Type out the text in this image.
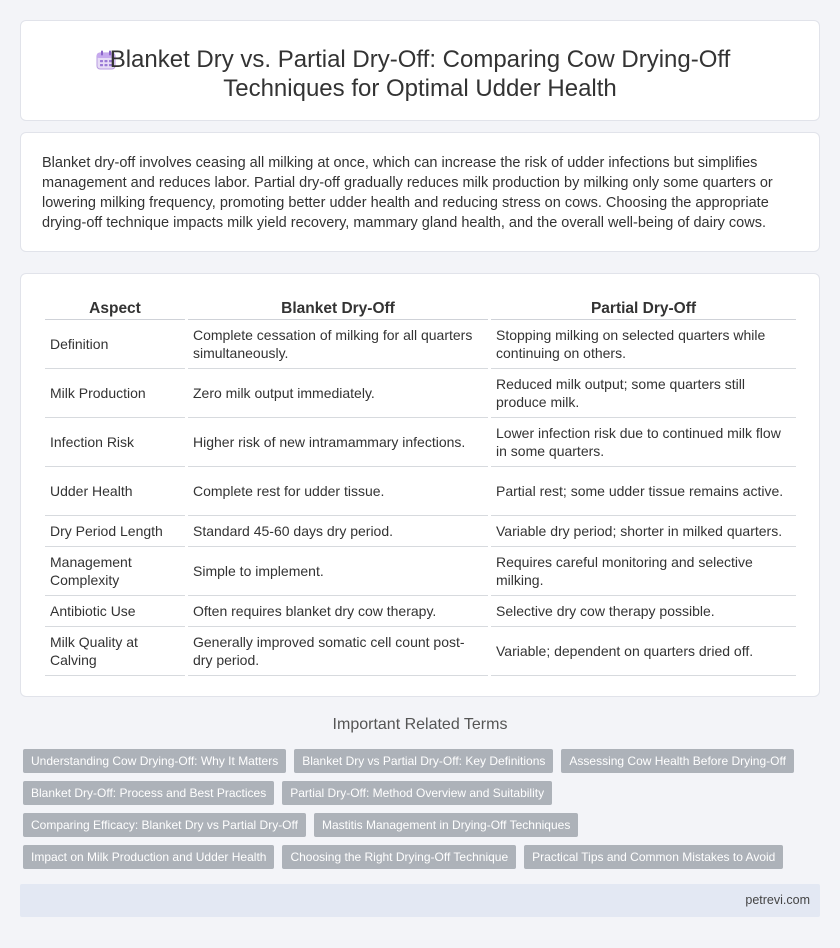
Blanket Dry vs. Partial Dry-Off: Comparing Cow Drying-Off Techniques for Optimal Udder Health

Blanket dry-off involves ceasing all milking at once, which can increase the risk of udder infections but simplifies management and reduces labor. Partial dry-off gradually reduces milk production by milking only some quarters or lowering milking frequency, promoting better udder health and reducing stress on cows. Choosing the appropriate drying-off technique impacts milk yield recovery, mammary gland health, and the overall well-being of dairy cows.

Aspect	Blanket Dry-Off	Partial Dry-Off
Definition	Complete cessation of milking for all quarters simultaneously.	Stopping milking on selected quarters while continuing on others.
Milk Production	Zero milk output immediately.	Reduced milk output; some quarters still produce milk.
Infection Risk	Higher risk of new intramammary infections.	Lower infection risk due to continued milk flow in some quarters.
Udder Health	Complete rest for udder tissue.	Partial rest; some udder tissue remains active.
Dry Period Length	Standard 45-60 days dry period.	Variable dry period; shorter in milked quarters.
Management Complexity	Simple to implement.	Requires careful monitoring and selective milking.
Antibiotic Use	Often requires blanket dry cow therapy.	Selective dry cow therapy possible.
Milk Quality at Calving	Generally improved somatic cell count post-dry period.	Variable; dependent on quarters dried off.
Important Related Terms
Understanding Cow Drying-Off: Why It Matters	Blanket Dry vs Partial Dry-Off: Key Definitions	Assessing Cow Health Before Drying-Off
Blanket Dry-Off: Process and Best Practices	Partial Dry-Off: Method Overview and Suitability
Comparing Efficacy: Blanket Dry vs Partial Dry-Off	Mastitis Management in Drying-Off Techniques
Impact on Milk Production and Udder Health	Choosing the Right Drying-Off Technique	Practical Tips and Common Mistakes to Avoid
petrevi.com
